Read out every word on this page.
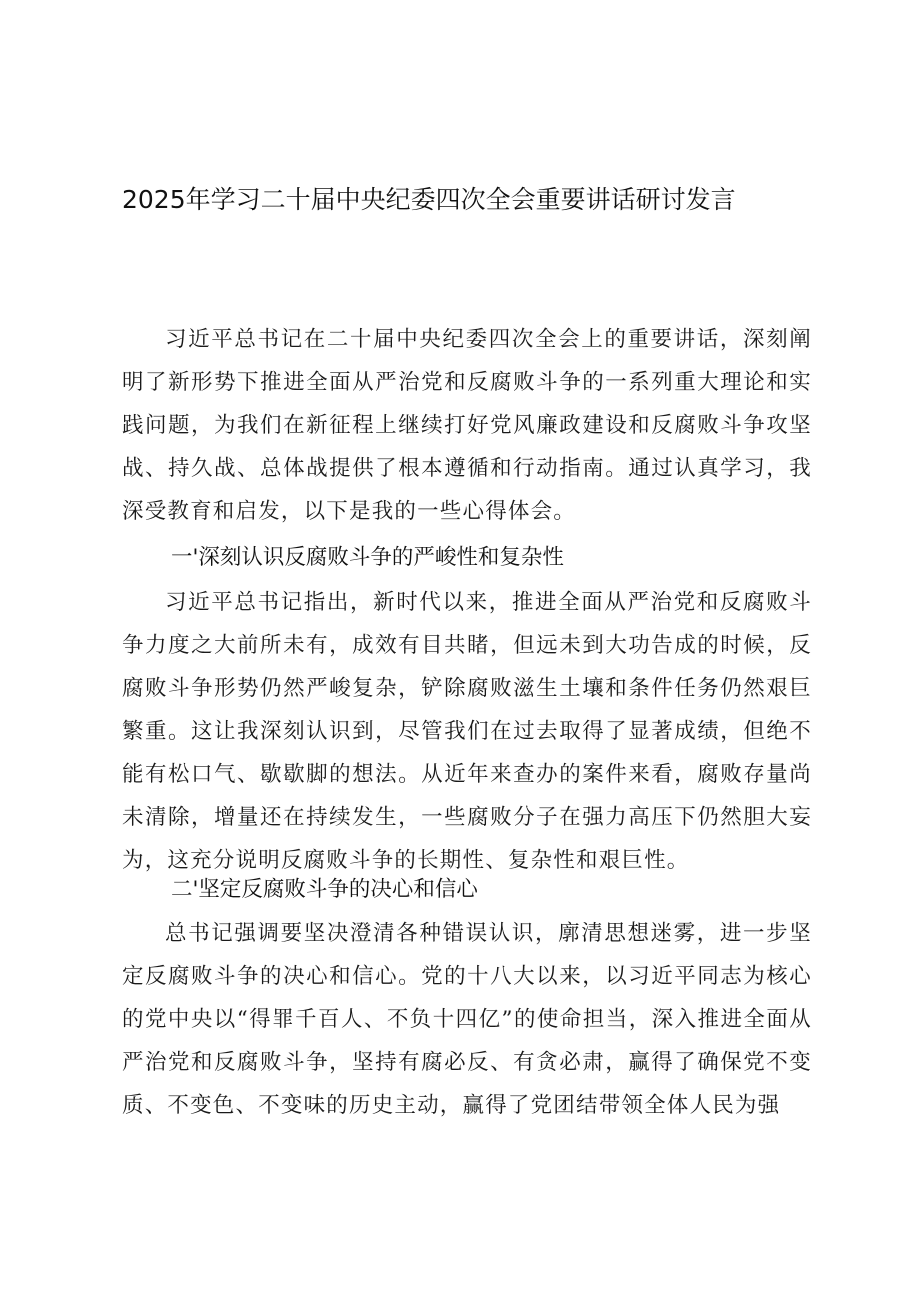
2025年学习二十届中央纪委四次全会重要讲话研讨发言

习近平总书记在二十届中央纪委四次全会上的重要讲话，深刻阐明了新形势下推进全面从严治党和反腐败斗争的一系列重大理论和实践问题，为我们在新征程上继续打好党风廉政建设和反腐败斗争攻坚战、持久战、总体战提供了根本遵循和行动指南。通过认真学习，我深受教育和启发，以下是我的一些心得体会。

一'深刻认识反腐败斗争的严峻性和复杂性

习近平总书记指出，新时代以来，推进全面从严治党和反腐败斗争力度之大前所未有，成效有目共睹，但远未到大功告成的时候，反腐败斗争形势仍然严峻复杂，铲除腐败滋生土壤和条件任务仍然艰巨繁重。这让我深刻认识到，尽管我们在过去取得了显著成绩，但绝不能有松口气、歇歇脚的想法。从近年来查办的案件来看，腐败存量尚未清除，增量还在持续发生，一些腐败分子在强力高压下仍然胆大妄为，这充分说明反腐败斗争的长期性、复杂性和艰巨性。

二'坚定反腐败斗争的决心和信心

总书记强调要坚决澄清各种错误认识，廓清思想迷雾，进一步坚定反腐败斗争的决心和信心。党的十八大以来，以习近平同志为核心的党中央以“得罪千百人、不负十四亿”的使命担当，深入推进全面从严治党和反腐败斗争，坚持有腐必反、有贪必肃，赢得了确保党不变质、不变色、不变味的历史主动，赢得了党团结带领全体人民为强
